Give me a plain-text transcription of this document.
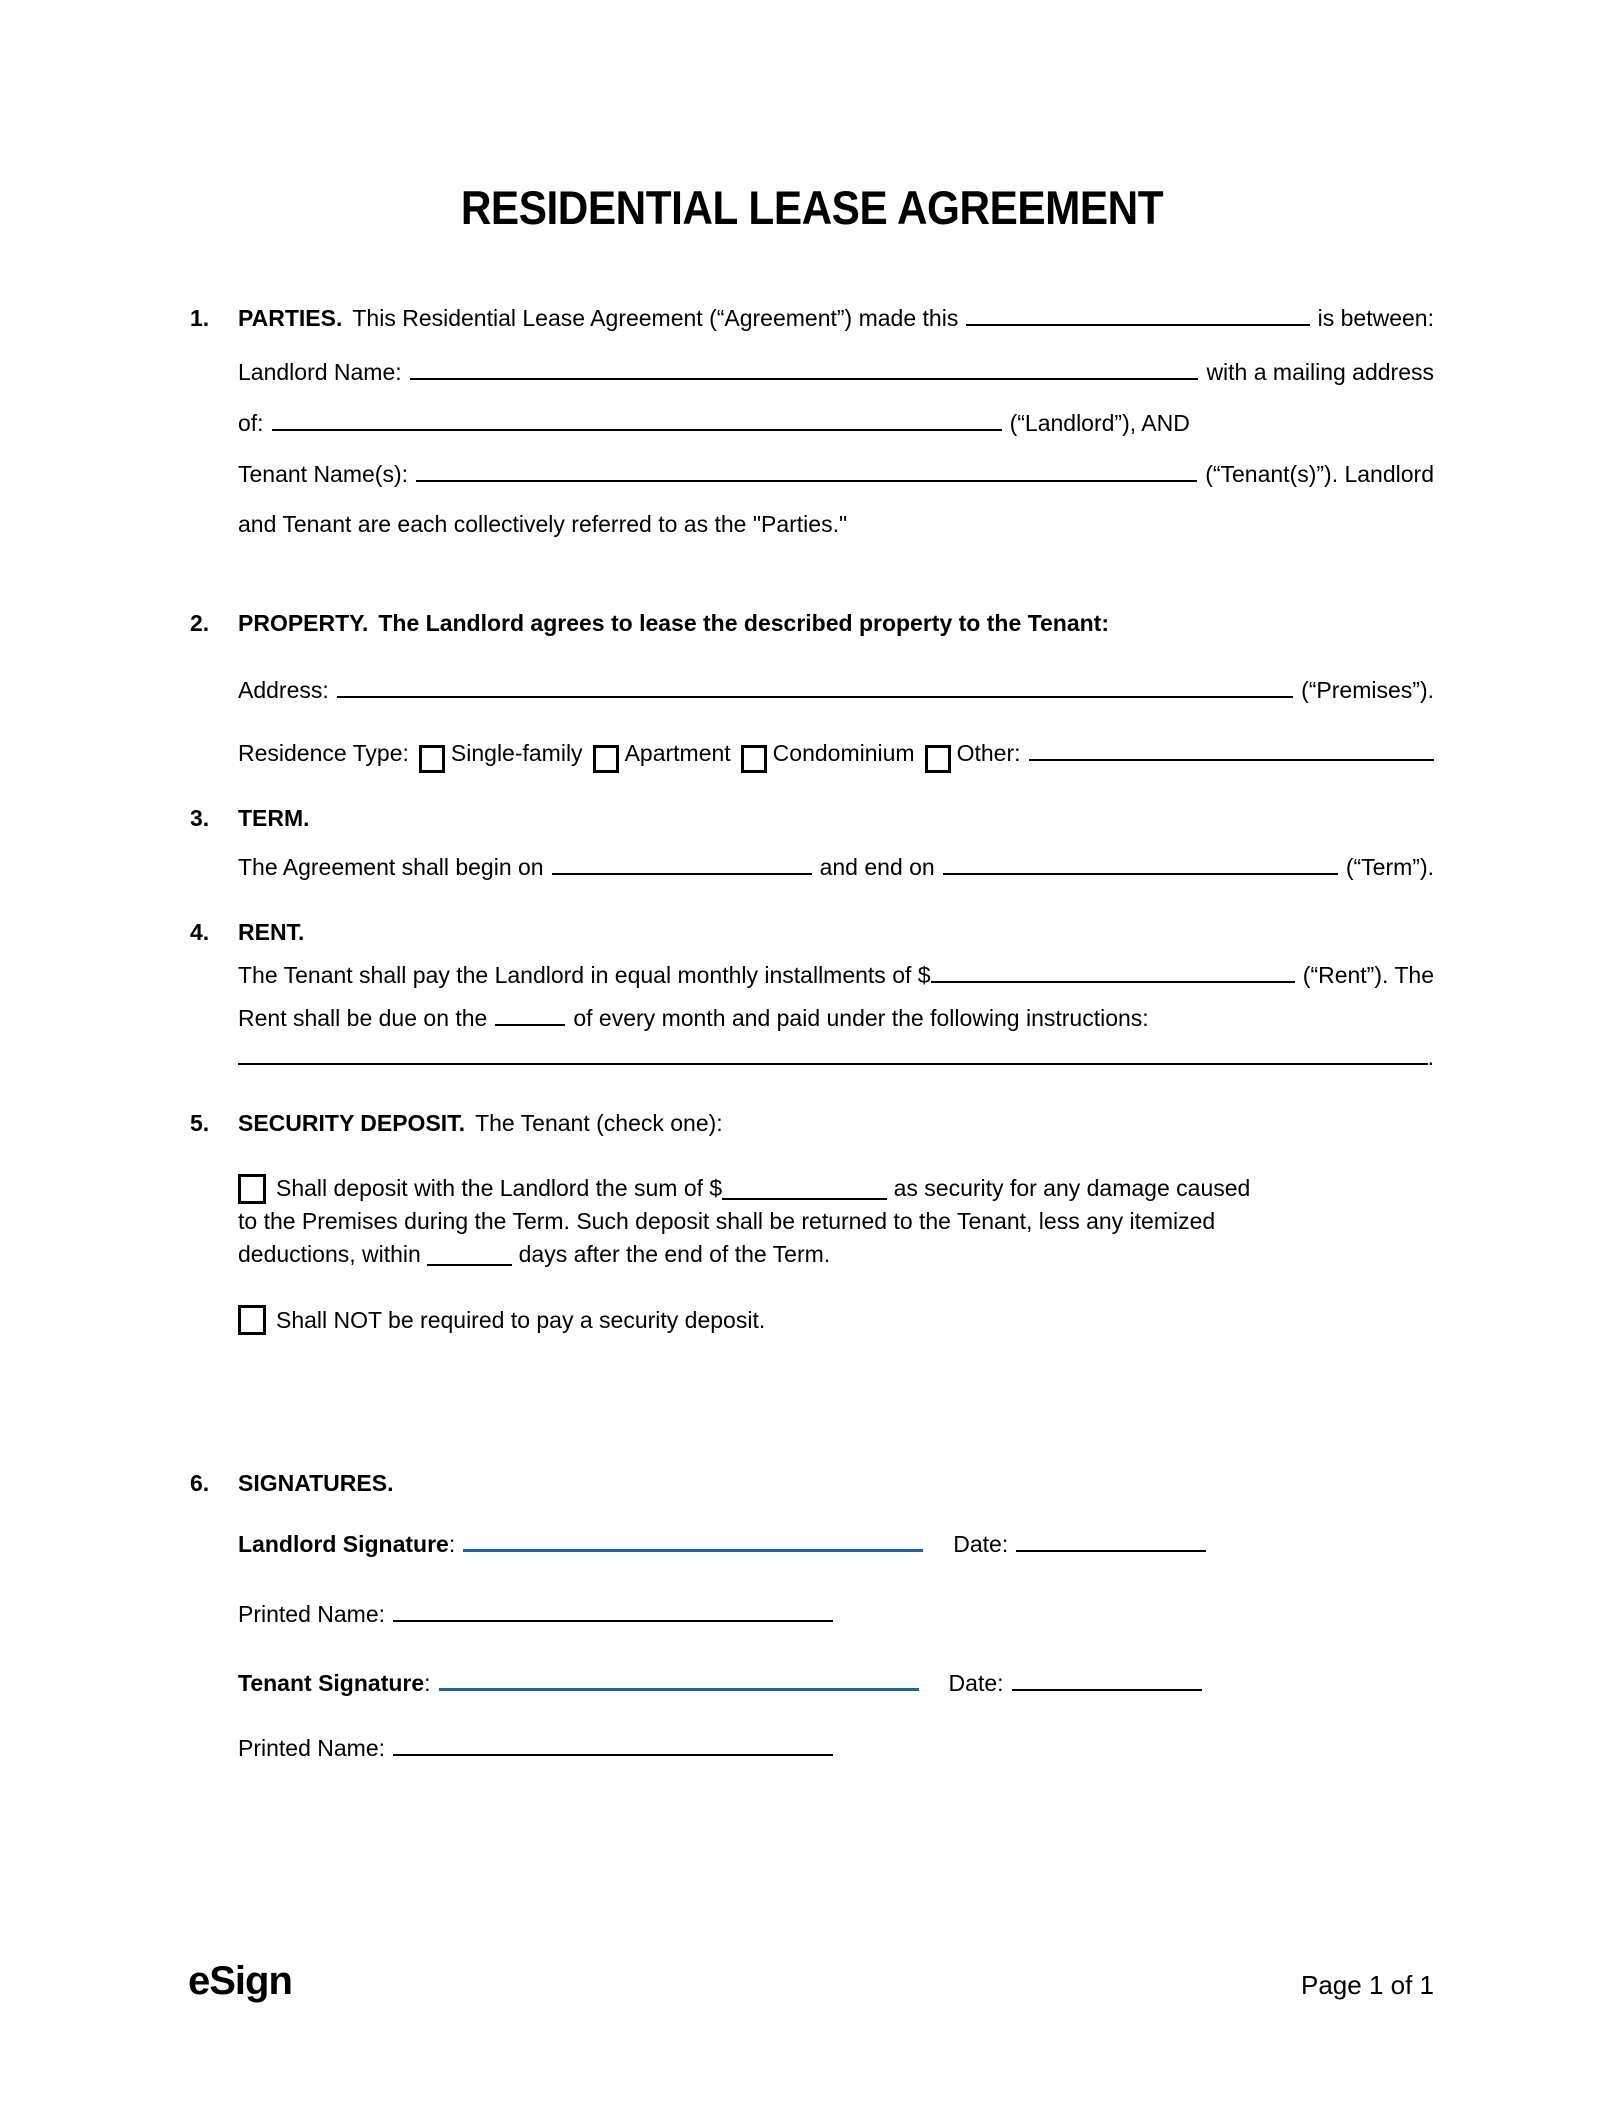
RESIDENTIAL LEASE AGREEMENT
1.	PARTIES. This Residential Lease Agreement (“Agreement”) made this	is between:
Landlord Name:	with a mailing address
of:	(“Landlord”), AND
Tenant Name(s):	(“Tenant(s)”). Landlord
and Tenant are each collectively referred to as the "Parties."
2.	PROPERTY. The Landlord agrees to lease the described property to the Tenant:
Address:	(“Premises”).
Residence Type: Single-family Apartment Condominium Other:
3.	TERM.
The Agreement shall begin on	and end on	(“Term”).
4.	RENT.
The Tenant shall pay the Landlord in equal monthly installments of $	(“Rent”). The
Rent shall be due on the	of every month and paid under the following instructions:
.
5.	SECURITY DEPOSIT. The Tenant (check one):

Shall deposit with the Landlord the sum of $	as security for any damage caused
to the Premises during the Term. Such deposit shall be returned to the Tenant, less any itemized
deductions, within	days after the end of the Term.

Shall NOT be required to pay a security deposit.

6.	SIGNATURES.
Landlord Signature :	Date:
Printed Name:
Tenant Signature :	Date:
Printed Name:
eSign	Page 1 of 1
